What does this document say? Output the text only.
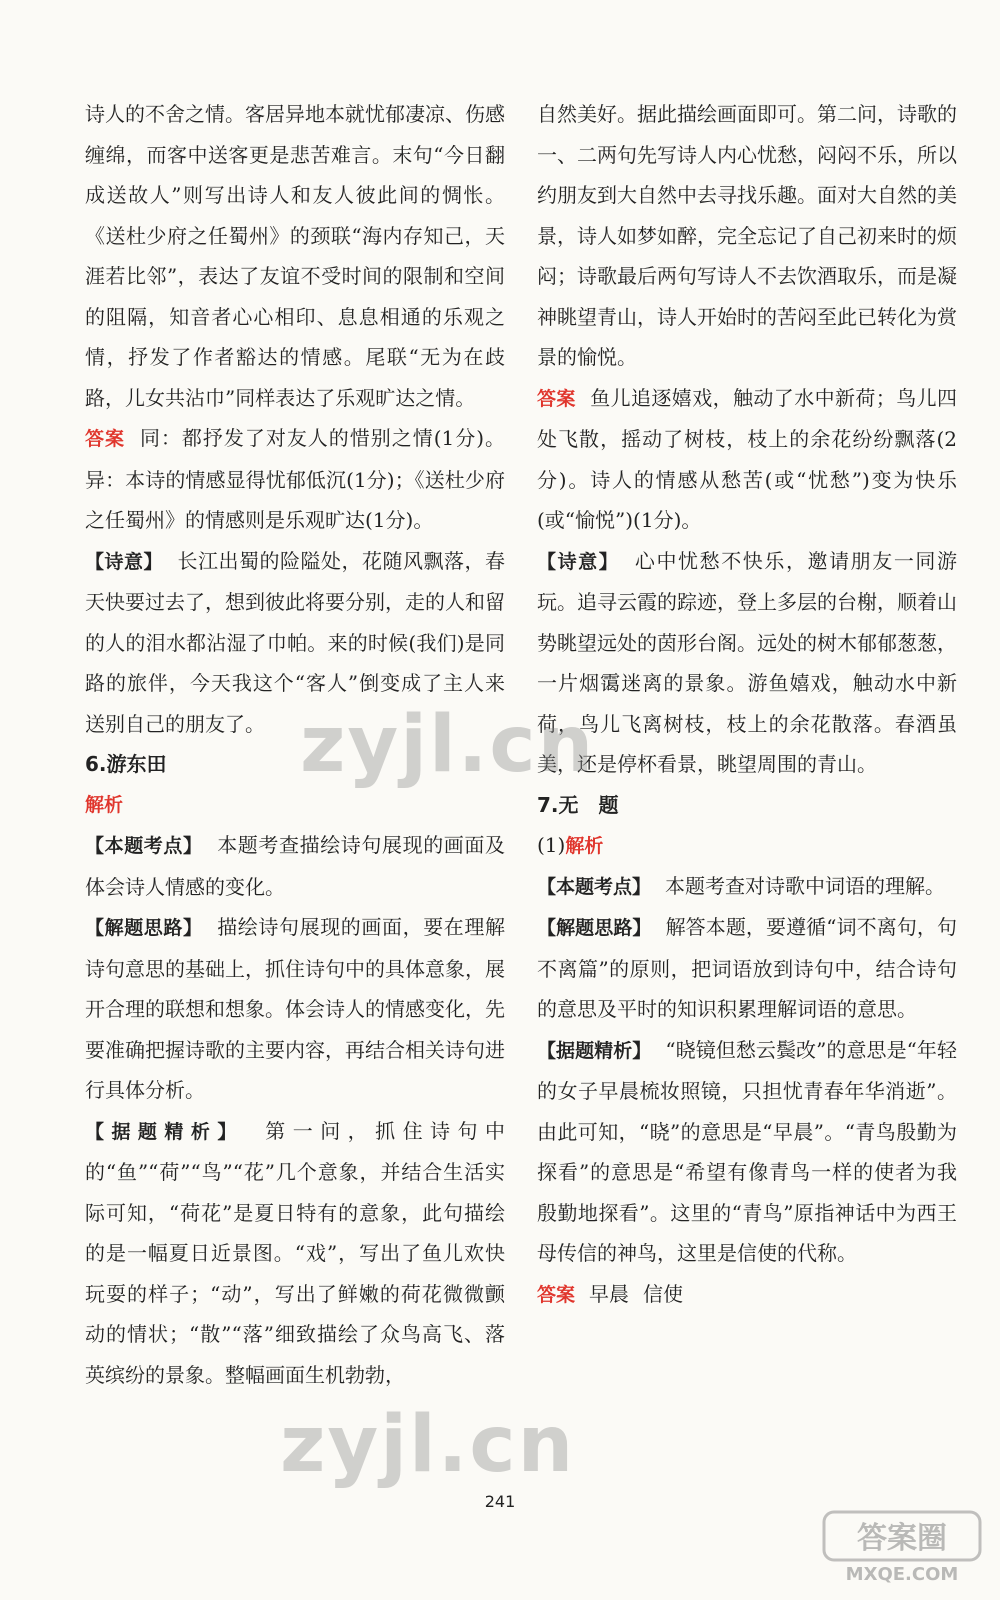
诗人的不舍之情。客居异地本就忧郁凄凉、伤感缠绵，而客中送客更是悲苦难言。末句“今日翻成送故人”则写出诗人和友人彼此间的惆怅。《送杜少府之任蜀州》的颈联“海内存知己，天涯若比邻”，表达了友谊不受时间的限制和空间的阻隔，知音者心心相印、息息相通的乐观之情，抒发了作者豁达的情感。尾联“无为在歧路，儿女共沾巾”同样表达了乐观旷达之情。

答案 同：都抒发了对友人的惜别之情(1分)。异：本诗的情感显得忧郁低沉(1分)；《送杜少府之任蜀州》的情感则是乐观旷达(1分)。

【诗意】 长江出蜀的险隘处，花随风飘落，春天快要过去了，想到彼此将要分别，走的人和留的人的泪水都沾湿了巾帕。来的时候(我们)是同路的旅伴，今天我这个“客人”倒变成了主人来送别自己的朋友了。

6.游东田

解析

【本题考点】 本题考查描绘诗句展现的画面及体会诗人情感的变化。

【解题思路】 描绘诗句展现的画面，要在理解诗句意思的基础上，抓住诗句中的具体意象，展开合理的联想和想象。体会诗人的情感变化，先要准确把握诗歌的主要内容，再结合相关诗句进行具体分析。

【据题精析】 第一问，抓住诗句中的“鱼”“荷”“鸟”“花”几个意象，并结合生活实际可知，“荷花”是夏日特有的意象，此句描绘的是一幅夏日近景图。“戏”，写出了鱼儿欢快玩耍的样子；“动”，写出了鲜嫩的荷花微微颤动的情状；“散”“落”细致描绘了众鸟高飞、落英缤纷的景象。整幅画面生机勃勃，

自然美好。据此描绘画面即可。第二问，诗歌的一、二两句先写诗人内心忧愁，闷闷不乐，所以约朋友到大自然中去寻找乐趣。面对大自然的美景，诗人如梦如醉，完全忘记了自己初来时的烦闷；诗歌最后两句写诗人不去饮酒取乐，而是凝神眺望青山，诗人开始时的苦闷至此已转化为赏景的愉悦。

答案 鱼儿追逐嬉戏，触动了水中新荷；鸟儿四处飞散，摇动了树枝，枝上的余花纷纷飘落(2分)。诗人的情感从愁苦(或“忧愁”)变为快乐(或“愉悦”)(1分)。

【诗意】 心中忧愁不快乐，邀请朋友一同游玩。追寻云霞的踪迹，登上多层的台榭，顺着山势眺望远处的茵形台阁。远处的树木郁郁葱葱，一片烟霭迷离的景象。游鱼嬉戏，触动水中新荷，鸟儿飞离树枝，枝上的余花散落。春酒虽美，还是停杯看景，眺望周围的青山。

7.无　题

(1)解析

【本题考点】 本题考查对诗歌中词语的理解。

【解题思路】 解答本题，要遵循“词不离句，句不离篇”的原则，把词语放到诗句中，结合诗句的意思及平时的知识积累理解词语的意思。

【据题精析】 “晓镜但愁云鬓改”的意思是“年轻的女子早晨梳妆照镜，只担忧青春年华消逝”。由此可知，“晓”的意思是“早晨”。“青鸟殷勤为探看”的意思是“希望有像青鸟一样的使者为我殷勤地探看”。这里的“青鸟”原指神话中为西王母传信的神鸟，这里是信使的代称。

答案 早晨 信使

zyjl.cn
zyjl.cn
答案圈
MXQE.COM
241
